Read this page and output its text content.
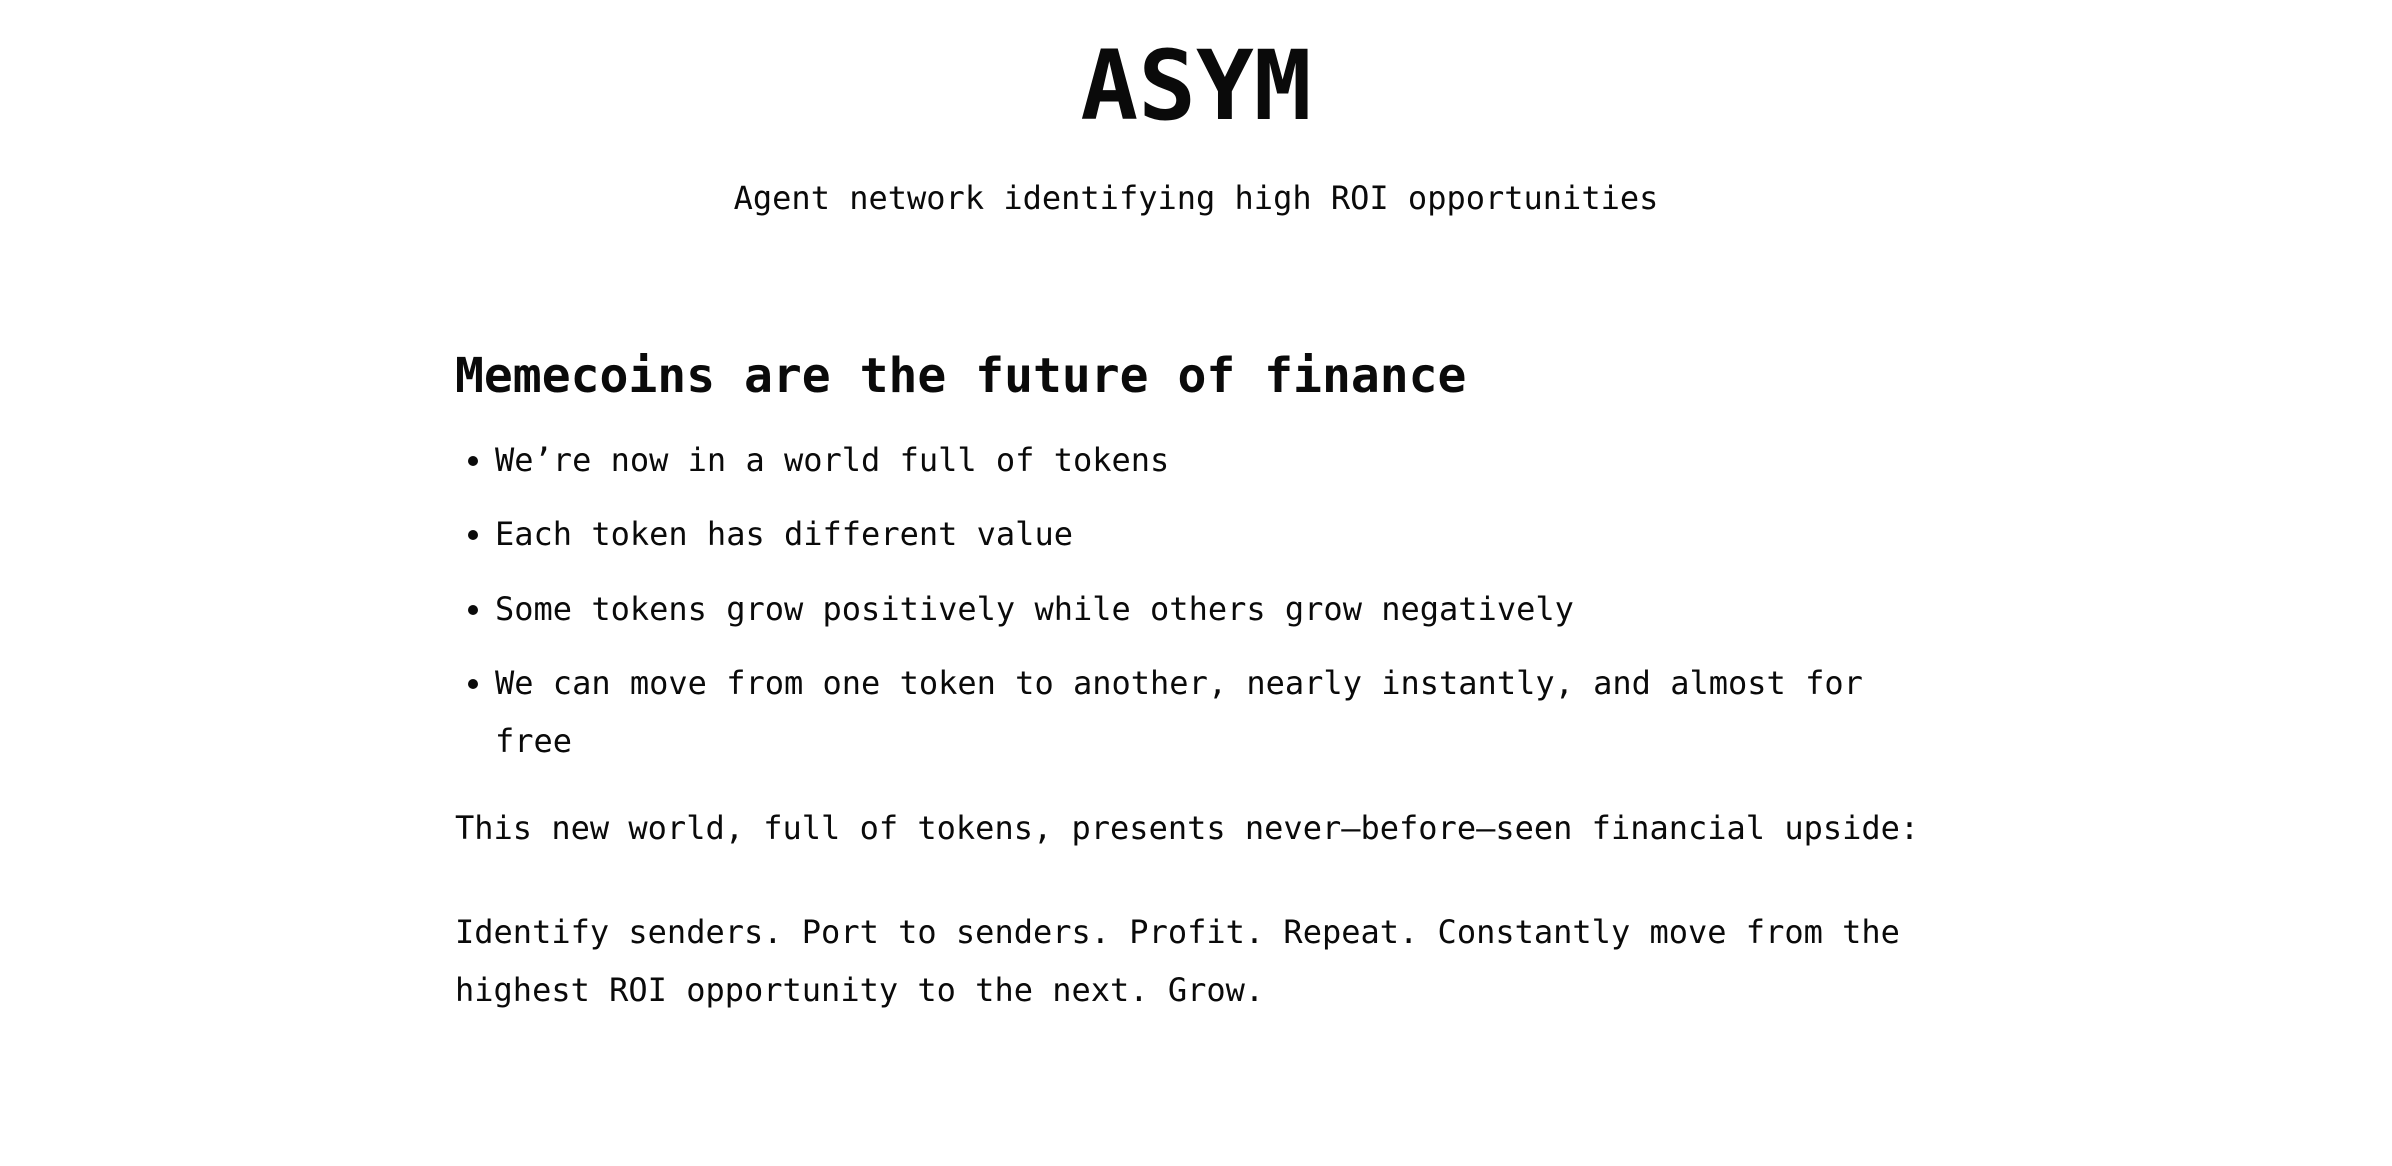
ASYM

Agent network identifying high ROI opportunities

Memecoins are the future of finance
• We’re now in a world full of tokens
• Each token has different value
• Some tokens grow positively while others grow negatively
• We can move from one token to another, nearly instantly, and almost for free

This new world, full of tokens, presents never—before—seen financial upside:

Identify senders. Port to senders. Profit. Repeat. Constantly move from the highest ROI opportunity to the next. Grow.
